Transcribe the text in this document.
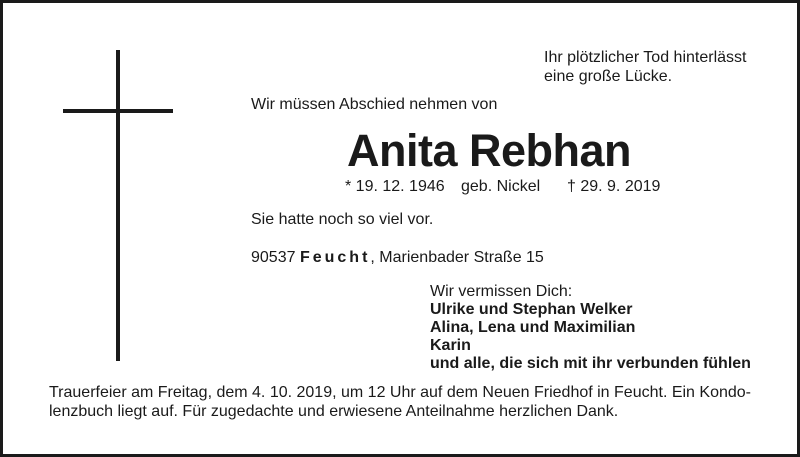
Ihr plötzlicher Tod hinterlässt
eine große Lücke.
Wir müssen Abschied nehmen von
Anita Rebhan
* 19. 12. 1946 geb. Nickel † 29. 9. 2019
Sie hatte noch so viel vor.
90537 Feucht, Marienbader Straße 15
Wir vermissen Dich:
Ulrike und Stephan Welker
Alina, Lena und Maximilian
Karin
und alle, die sich mit ihr verbunden fühlen
Trauerfeier am Freitag, dem 4. 10. 2019, um 12 Uhr auf dem Neuen Friedhof in Feucht. Ein Kondo-
lenzbuch liegt auf. Für zugedachte und erwiesene Anteilnahme herzlichen Dank.
